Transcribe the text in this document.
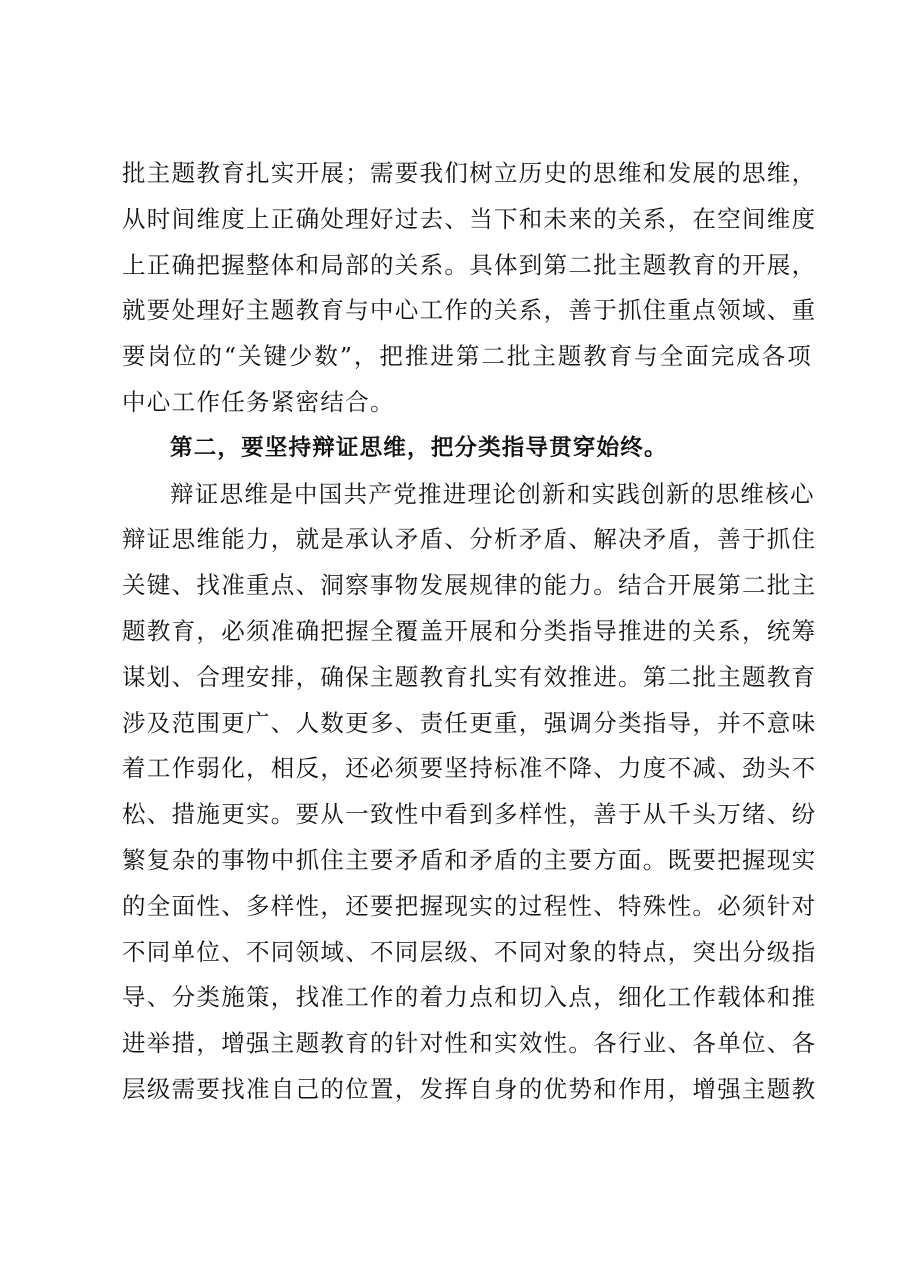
批主题教育扎实开展；需要我们树立历史的思维和发展的思维，
从时间维度上正确处理好过去、当下和未来的关系，在空间维度
上正确把握整体和局部的关系。具体到第二批主题教育的开展，
就要处理好主题教育与中心工作的关系，善于抓住重点领域、重
要岗位的“关键少数”，把推进第二批主题教育与全面完成各项
中心工作任务紧密结合。
第二，要坚持辩证思维，把分类指导贯穿始终。
辩证思维是中国共产党推进理论创新和实践创新的思维核心
辩证思维能力，就是承认矛盾、分析矛盾、解决矛盾，善于抓住
关键、找准重点、洞察事物发展规律的能力。结合开展第二批主
题教育，必须准确把握全覆盖开展和分类指导推进的关系，统筹
谋划、合理安排，确保主题教育扎实有效推进。第二批主题教育
涉及范围更广、人数更多、责任更重，强调分类指导，并不意味
着工作弱化，相反，还必须要坚持标准不降、力度不减、劲头不
松、措施更实。要从一致性中看到多样性，善于从千头万绪、纷
繁复杂的事物中抓住主要矛盾和矛盾的主要方面。既要把握现实
的全面性、多样性，还要把握现实的过程性、特殊性。必须针对
不同单位、不同领域、不同层级、不同对象的特点，突出分级指
导、分类施策，找准工作的着力点和切入点，细化工作载体和推
进举措，增强主题教育的针对性和实效性。各行业、各单位、各
层级需要找准自己的位置，发挥自身的优势和作用，增强主题教
